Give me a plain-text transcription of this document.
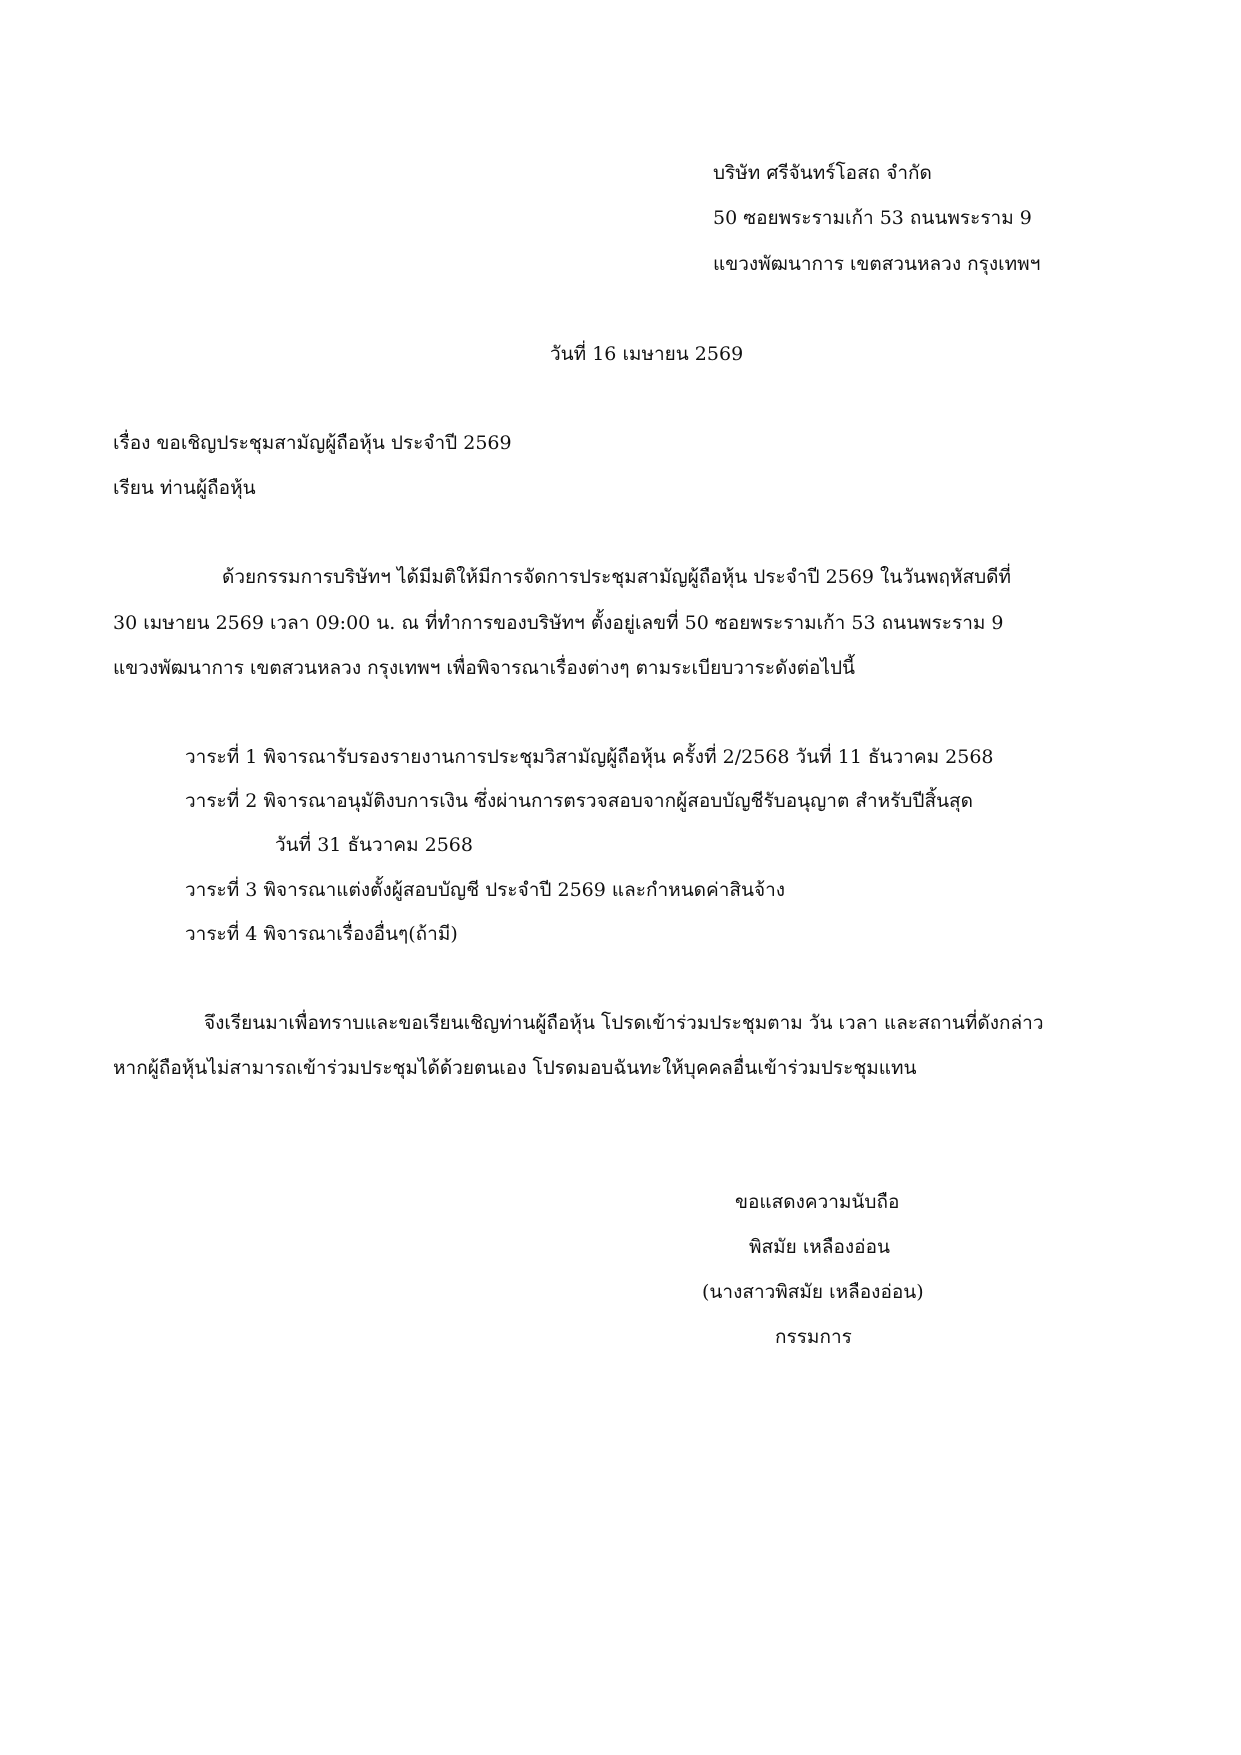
บริษัท ศรีจันทร์โอสถ จำกัด
50 ซอยพระรามเก้า 53 ถนนพระราม 9
แขวงพัฒนาการ เขตสวนหลวง กรุงเทพฯ
วันที่ 16 เมษายน 2569
เรื่อง ขอเชิญประชุมสามัญผู้ถือหุ้น ประจำปี 2569
เรียน ท่านผู้ถือหุ้น
ด้วยกรรมการบริษัทฯ ได้มีมติให้มีการจัดการประชุมสามัญผู้ถือหุ้น ประจำปี 2569 ในวันพฤหัสบดีที่
30 เมษายน 2569 เวลา 09:00 น. ณ ที่ทำการของบริษัทฯ ตั้งอยู่เลขที่ 50 ซอยพระรามเก้า 53 ถนนพระราม 9
แขวงพัฒนาการ เขตสวนหลวง กรุงเทพฯ เพื่อพิจารณาเรื่องต่างๆ ตามระเบียบวาระดังต่อไปนี้
วาระที่ 1 พิจารณารับรองรายงานการประชุมวิสามัญผู้ถือหุ้น ครั้งที่ 2/2568 วันที่ 11 ธันวาคม 2568
วาระที่ 2 พิจารณาอนุมัติงบการเงิน ซึ่งผ่านการตรวจสอบจากผู้สอบบัญชีรับอนุญาต สำหรับปีสิ้นสุด
วันที่ 31 ธันวาคม 2568
วาระที่ 3 พิจารณาแต่งตั้งผู้สอบบัญชี ประจำปี 2569 และกำหนดค่าสินจ้าง
วาระที่ 4 พิจารณาเรื่องอื่นๆ(ถ้ามี)
จึงเรียนมาเพื่อทราบและขอเรียนเชิญท่านผู้ถือหุ้น โปรดเข้าร่วมประชุมตาม วัน เวลา และสถานที่ดังกล่าว
หากผู้ถือหุ้นไม่สามารถเข้าร่วมประชุมได้ด้วยตนเอง โปรดมอบฉันทะให้บุคคลอื่นเข้าร่วมประชุมแทน
ขอแสดงความนับถือ
พิสมัย เหลืองอ่อน
(นางสาวพิสมัย เหลืองอ่อน)
กรรมการ
